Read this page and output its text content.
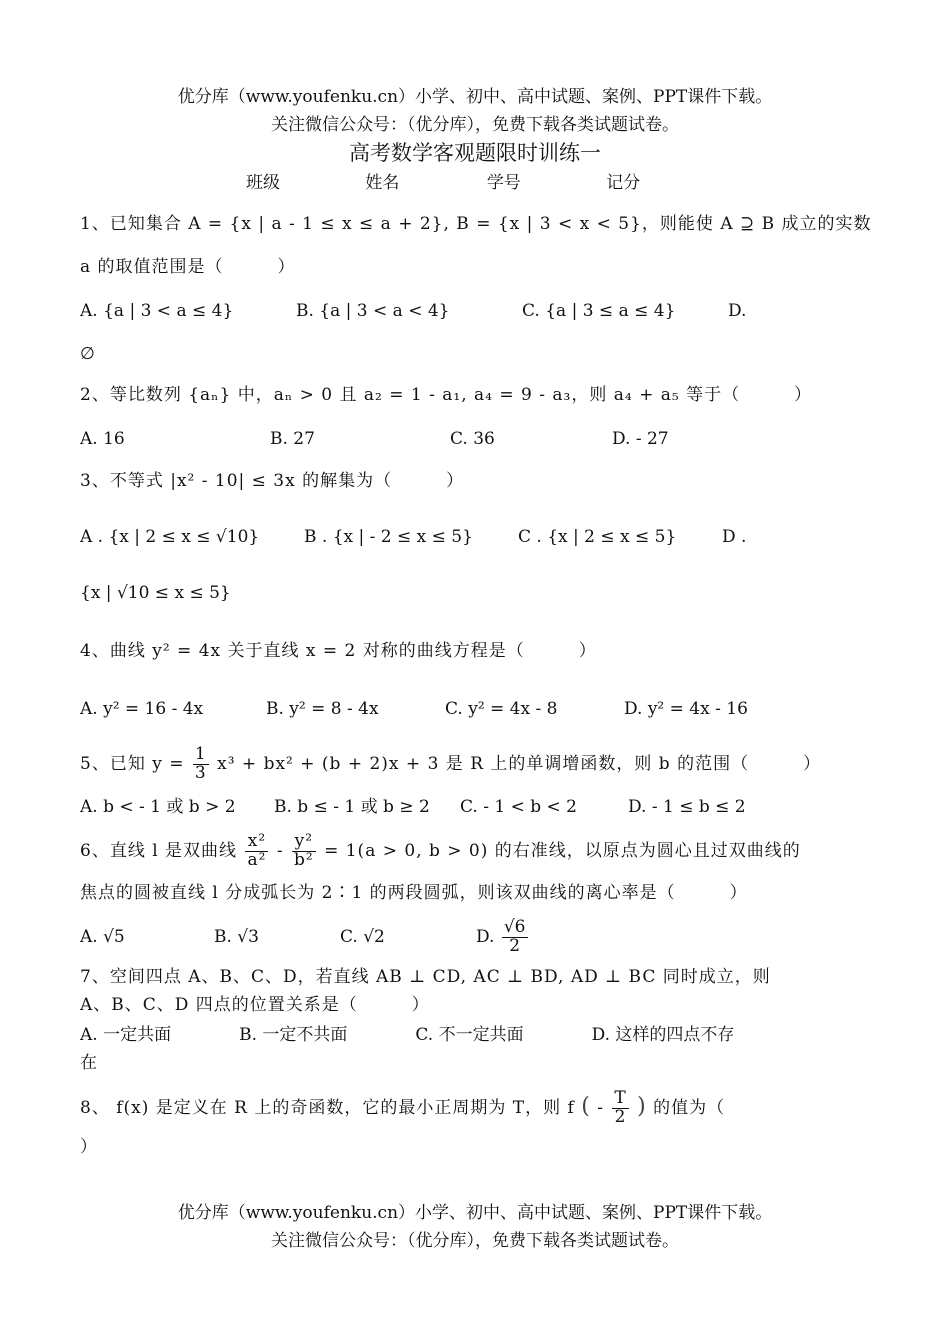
优分库（www.youfenku.cn）小学、初中、高中试题、案例、PPT课件下载。
关注微信公众号：（优分库），免费下载各类试题试卷。
高考数学客观题限时训练一
班级	姓名	学号	记分
1、已知集合 A = {x | a - 1 ≤ x ≤ a + 2}, B = {x | 3 < x < 5}，则能使 A ⊇ B 成立的实数
a 的取值范围是（　　　）
A. {a | 3 < a ≤ 4}	B. {a | 3 < a < 4}	C. {a | 3 ≤ a ≤ 4}	D.
∅
2、等比数列 {aₙ} 中，aₙ > 0 且 a₂ = 1 - a₁, a₄ = 9 - a₃，则 a₄ + a₅ 等于（　　　）
A. 16	B. 27	C. 36	D. - 27
3、不等式 |x² - 10| ≤ 3x 的解集为（　　　）
A . {x | 2 ≤ x ≤ √10}	B . {x | - 2 ≤ x ≤ 5}	C . {x | 2 ≤ x ≤ 5}	D .
{x | √10 ≤ x ≤ 5}
4、曲线 y² = 4x 关于直线 x = 2 对称的曲线方程是（　　　）
A. y² = 16 - 4x	B. y² = 8 - 4x	C. y² = 4x - 8	D. y² = 4x - 16
5、已知 $y = \frac{1}{3} x^3 + bx^2 + (b + 2)x + 3$ 是 R 上的单调增函数，则 b 的范围（　　　）
A. b < - 1 或 b > 2 B. b ≤ - 1 或 b ≥ 2 C. - 1 < b < 2	D. - 1 ≤ b ≤ 2
6、直线 l 是双曲线 $\frac{\text{x²}}{\text{a²}} - \frac{\text{y²}}{\text{b²}} = 1(a > 0$, b > 0) 的右准线，以原点为圆心且过双曲线的
焦点的圆被直线 l 分成弧长为 2∶1 的两段圆弧，则该双曲线的离心率是（　　　）
A. √5	B. √3	C. √2	D. $\frac{√6}{2}$
7、空间四点 A、B、C、D，若直线 AB ⊥ CD, AC ⊥ BD, AD ⊥ BC 同时成立，则
A、B、C、D 四点的位置关系是（　　　）
A. 一定共面　　　　B. 一定不共面　　　　C. 不一定共面　　　　D. 这样的四点不存
在
8、 f(x) 是定义在 R 上的奇函数，它的最小正周期为 T，则 f ( - $\frac{T}{2}$ ) 的值为（
）
优分库（www.youfenku.cn）小学、初中、高中试题、案例、PPT课件下载。
关注微信公众号：（优分库），免费下载各类试题试卷。
